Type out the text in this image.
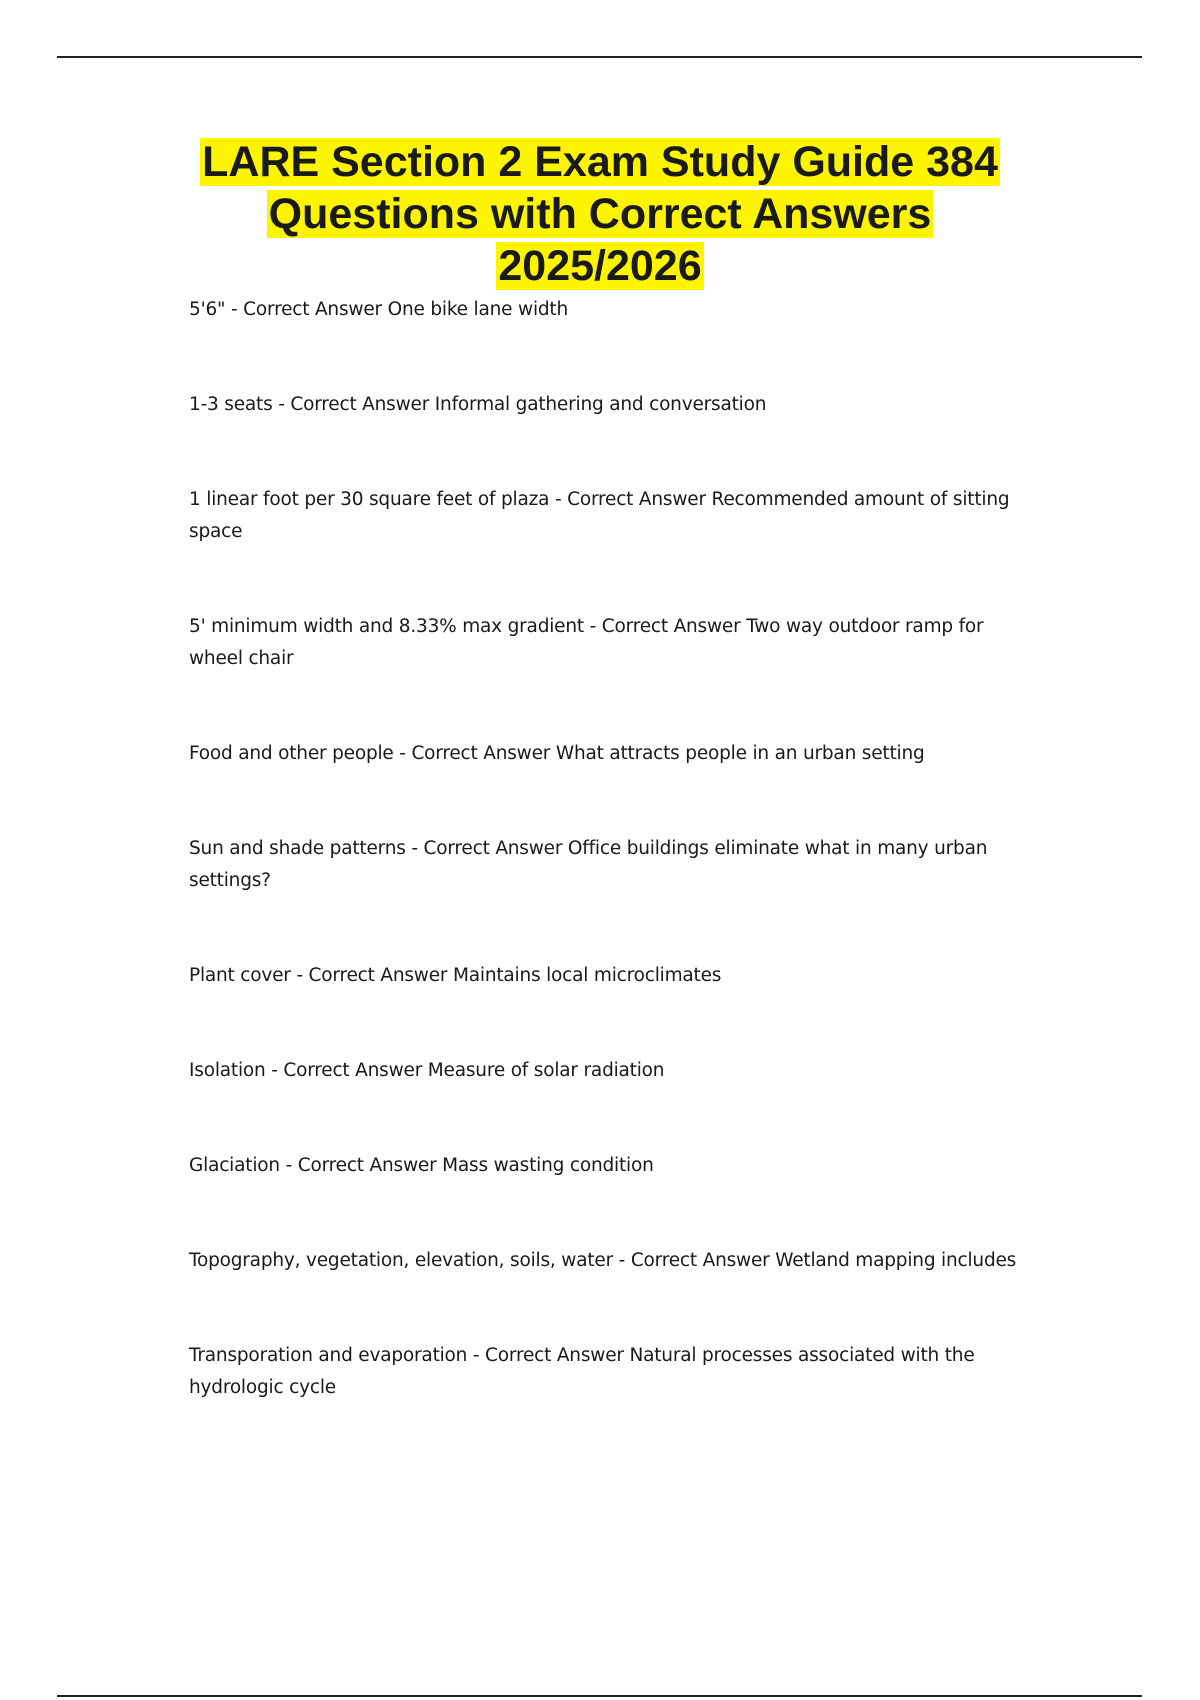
LARE Section 2 Exam Study Guide 384
Questions with Correct Answers
2025/2026
5'6" - Correct Answer One bike lane width
1-3 seats - Correct Answer Informal gathering and conversation
1 linear foot per 30 square feet of plaza - Correct Answer Recommended amount of sitting space
5' minimum width and 8.33% max gradient - Correct Answer Two way outdoor ramp for wheel chair
Food and other people - Correct Answer What attracts people in an urban setting
Sun and shade patterns - Correct Answer Office buildings eliminate what in many urban settings?
Plant cover - Correct Answer Maintains local microclimates
Isolation - Correct Answer Measure of solar radiation
Glaciation - Correct Answer Mass wasting condition
Topography, vegetation, elevation, soils, water - Correct Answer Wetland mapping includes
Transporation and evaporation - Correct Answer Natural processes associated with the hydrologic cycle
